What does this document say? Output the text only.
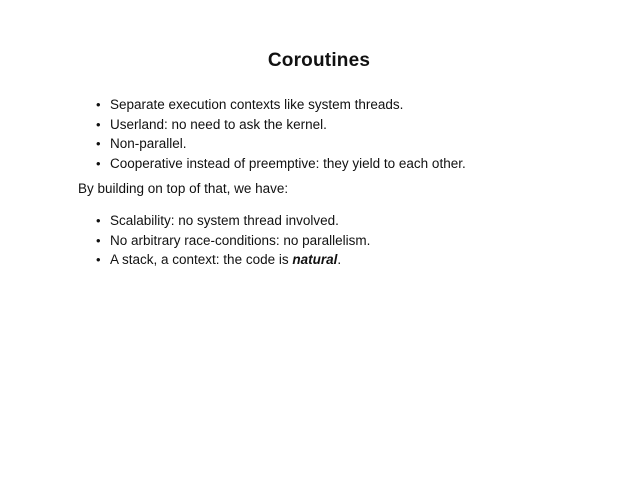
Coroutines
• Separate execution contexts like system threads.
• Userland: no need to ask the kernel.
• Non-parallel.
• Cooperative instead of preemptive: they yield to each other.
By building on top of that, we have:
• Scalability: no system thread involved.
• No arbitrary race-conditions: no parallelism.
• A stack, a context: the code is natural.
